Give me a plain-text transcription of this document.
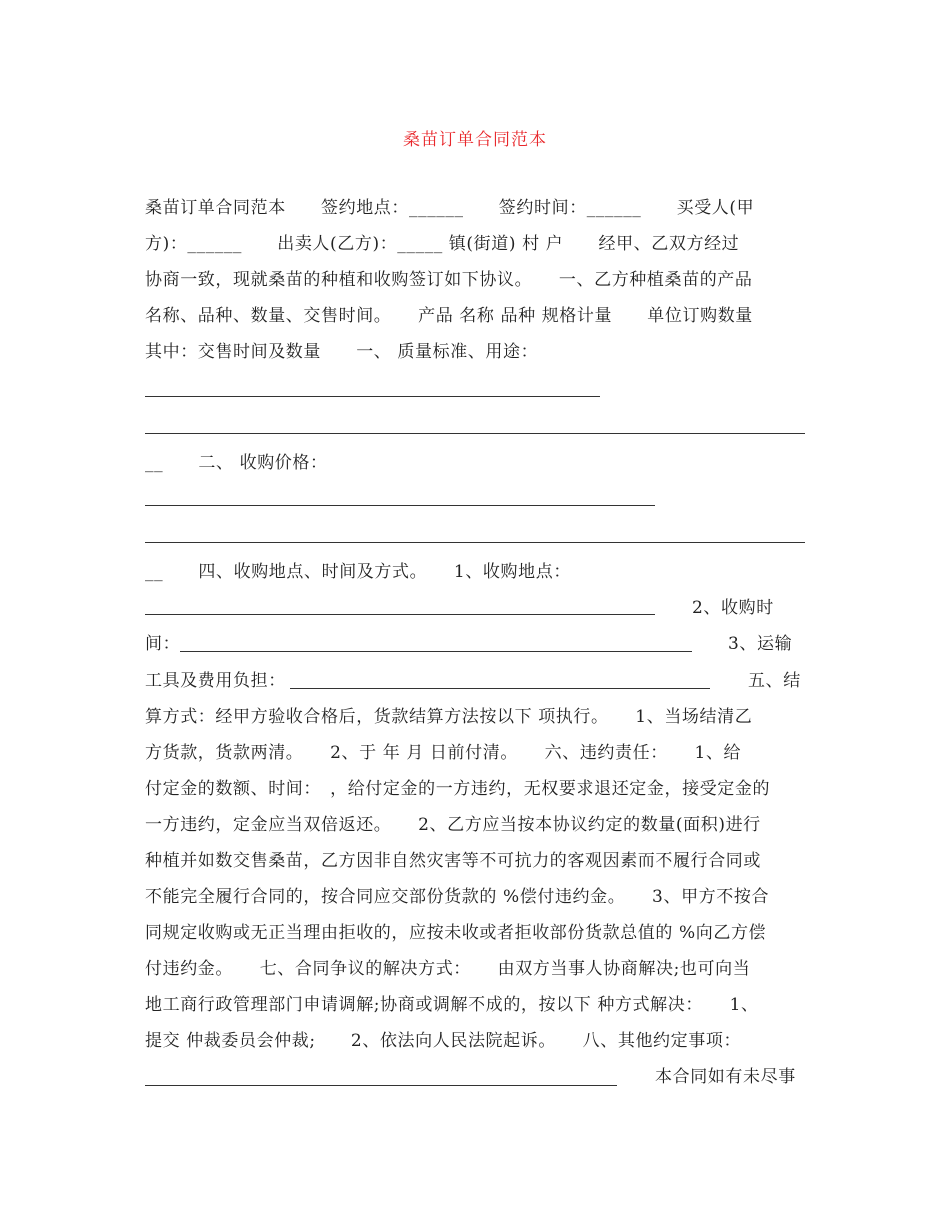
桑苗订单合同范本
桑苗订单合同范本　　签约地点：______　　签约时间：______　　买受人(甲
方)：______　　出卖人(乙方)：_____ 镇(街道) 村 户　　经甲、乙双方经过
协商一致，现就桑苗的种植和收购签订如下协议。　　一、乙方种植桑苗的产品
名称、品种、数量、交售时间。　　产品 名称 品种 规格计量　　单位订购数量
其中：交售时间及数量　　一、 质量标准、用途：
__　　二、 收购价格：
__　　四、收购地点、时间及方式。　　1、收购地点：
2、收购时
间：	3、运输
工具及费用负担：	五、结
算方式：经甲方验收合格后，货款结算方法按以下 项执行。　　1、当场结清乙
方货款，货款两清。　　2、于 年 月 日前付清。　　六、违约责任：　　1、给
付定金的数额、时间：　，给付定金的一方违约，无权要求退还定金，接受定金的
一方违约，定金应当双倍返还。　　2、乙方应当按本协议约定的数量(面积)进行
种植并如数交售桑苗，乙方因非自然灾害等不可抗力的客观因素而不履行合同或
不能完全履行合同的，按合同应交部份货款的 %偿付违约金。　　3、甲方不按合
同规定收购或无正当理由拒收的，应按未收或者拒收部份货款总值的 %向乙方偿
付违约金。　　七、合同争议的解决方式：　　由双方当事人协商解决;也可向当
地工商行政管理部门申请调解;协商或调解不成的，按以下 种方式解决：　　1、
提交 仲裁委员会仲裁;　　2、依法向人民法院起诉。　　八、其他约定事项：
本合同如有未尽事
